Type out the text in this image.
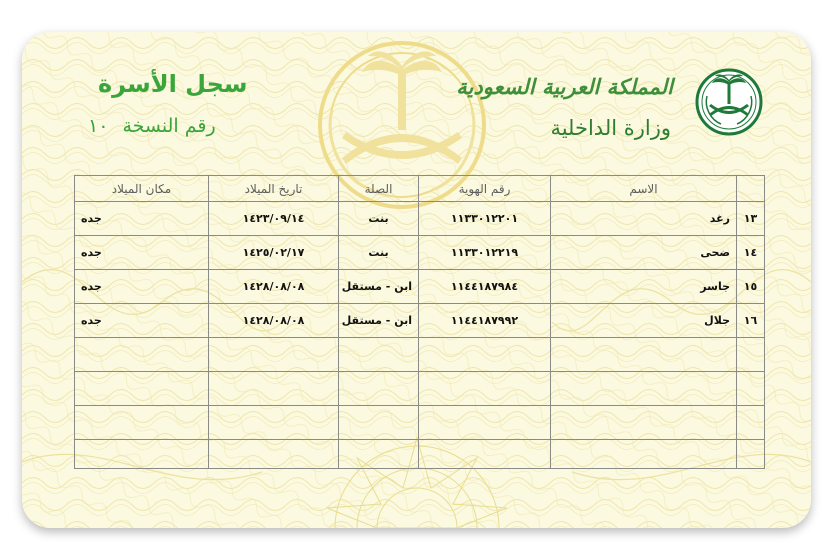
المملكة العربية السعودية
وزارة الداخلية
سجل الأسرة
رقم النسخة ١٠
	الاسم	رقم الهوية	الصلة	تاريخ الميلاد	مكان الميلاد
١٣	رغد	١١٣٣٠١٢٢٠١	بنت	١٤٢٣/٠٩/١٤	جده
١٤	ضحى	١١٣٣٠١٢٢١٩	بنت	١٤٢٥/٠٢/١٧	جده
١٥	جاسر	١١٤٤١٨٧٩٨٤	ابن - مستقل	١٤٢٨/٠٨/٠٨	جده
١٦	جلال	١١٤٤١٨٧٩٩٢	ابن - مستقل	١٤٢٨/٠٨/٠٨	جده
